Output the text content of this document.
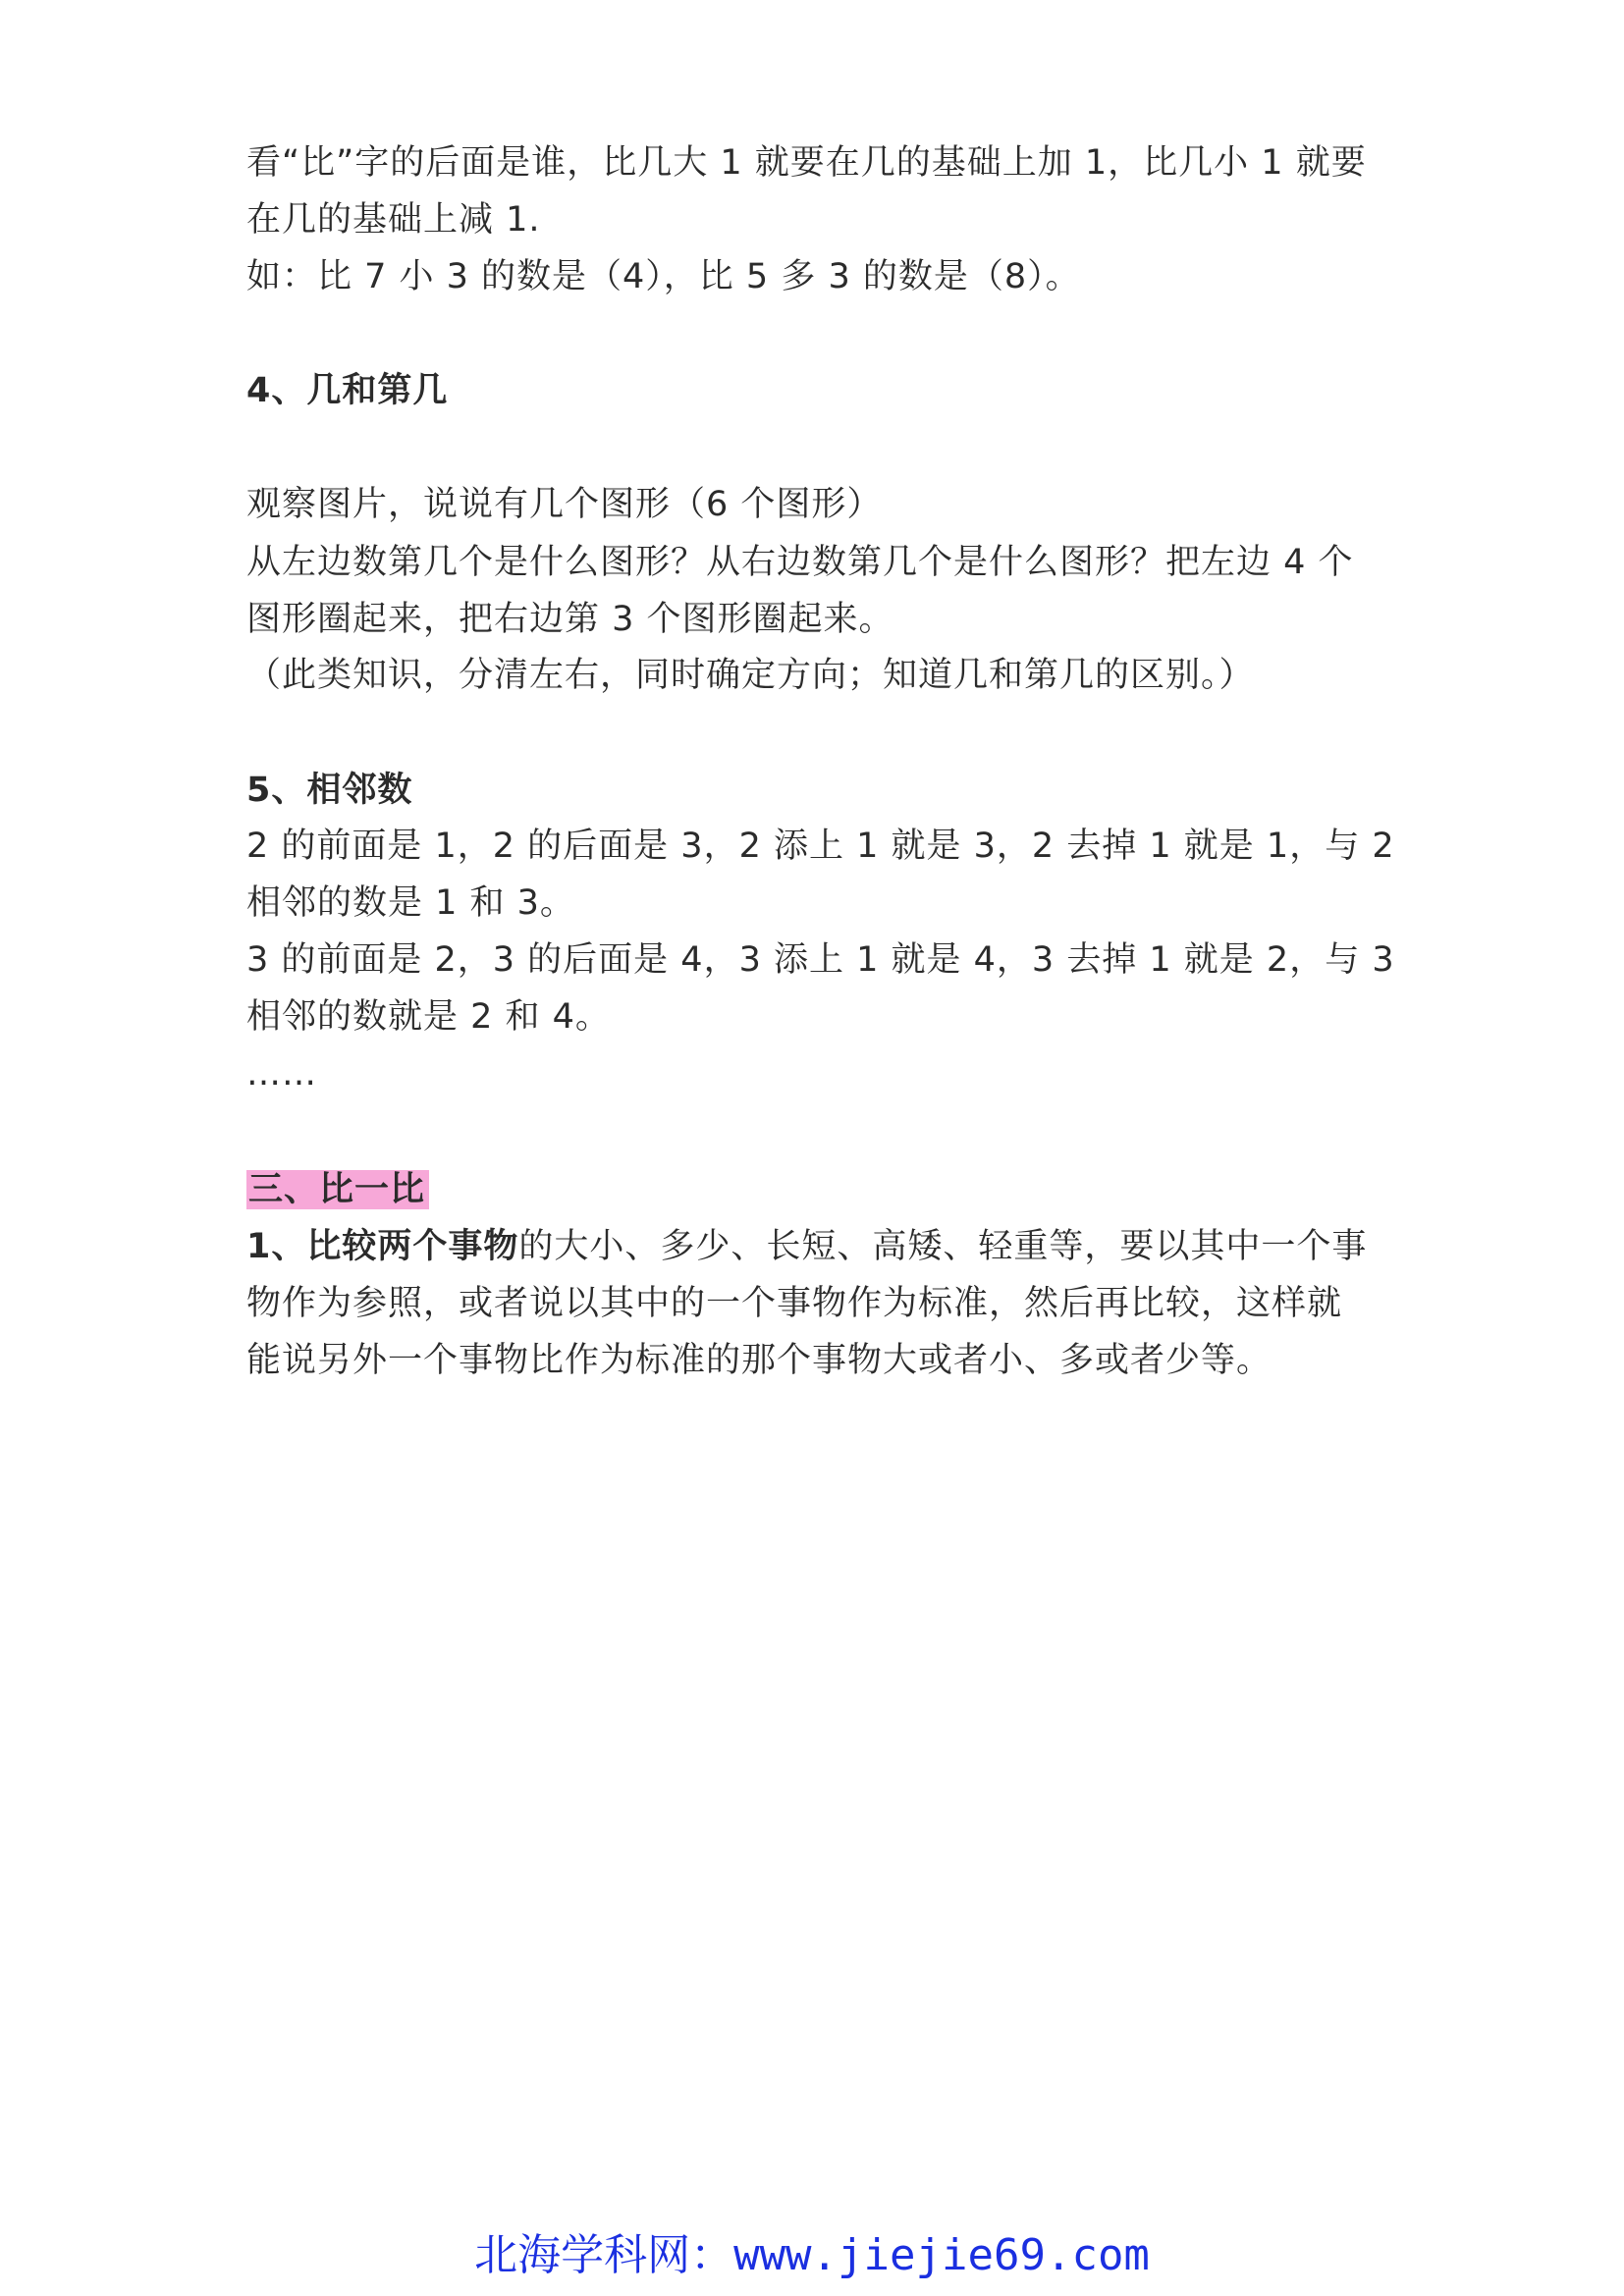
看“比”字的后面是谁，比几大 1 就要在几的基础上加 1，比几小 1 就要
在几的基础上减 1.
如：比 7 小 3 的数是（4），比 5 多 3 的数是（8）。
4、几和第几
观察图片，说说有几个图形（6 个图形）
从左边数第几个是什么图形？从右边数第几个是什么图形？把左边 4 个
图形圈起来，把右边第 3 个图形圈起来。
（此类知识，分清左右，同时确定方向；知道几和第几的区别。）
5、相邻数
2 的前面是 1，2 的后面是 3，2 添上 1 就是 3，2 去掉 1 就是 1，与 2
相邻的数是 1 和 3。
3 的前面是 2，3 的后面是 4，3 添上 1 就是 4，3 去掉 1 就是 2，与 3
相邻的数就是 2 和 4。
……
三、比一比
1、比较两个事物的大小、多少、长短、高矮、轻重等，要以其中一个事
物作为参照，或者说以其中的一个事物作为标准，然后再比较，这样就
能说另外一个事物比作为标准的那个事物大或者小、多或者少等。
北海学科网：www.jiejie69.com
